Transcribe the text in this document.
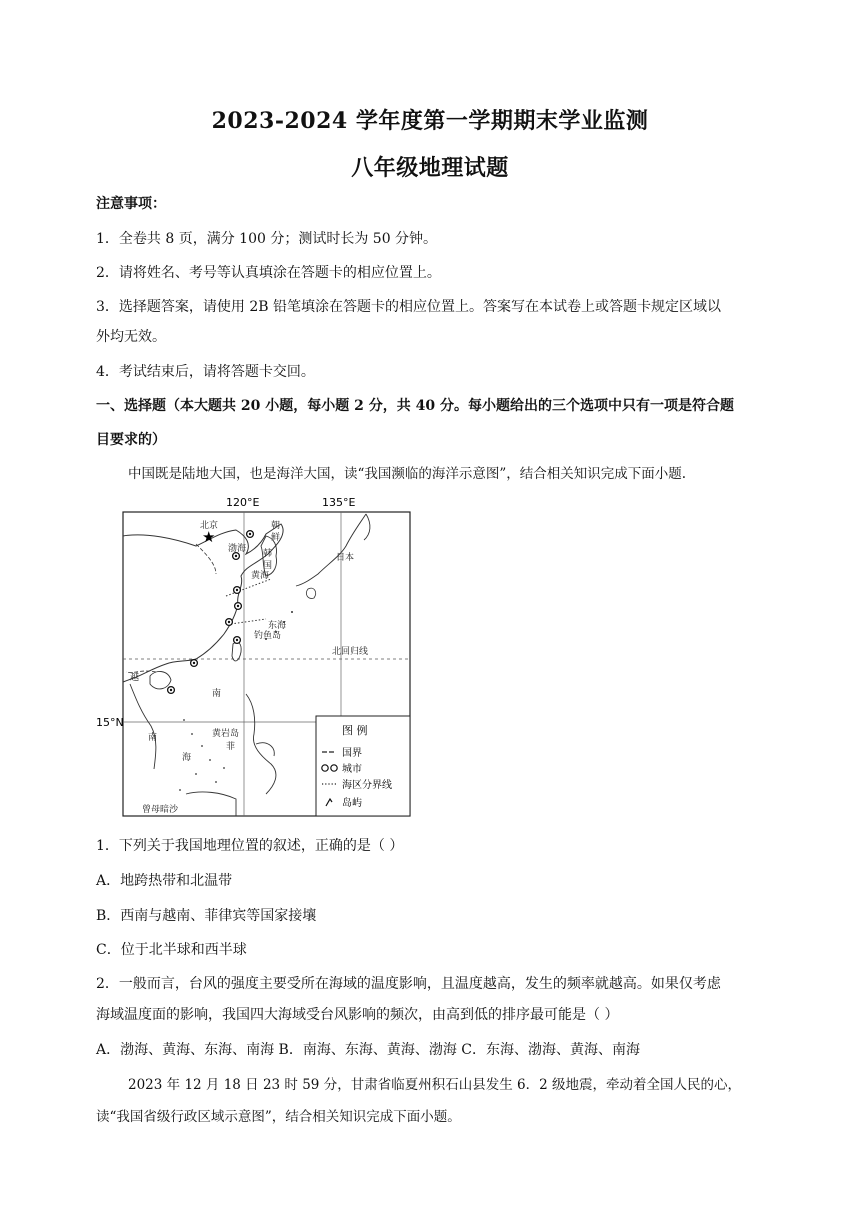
2023-2024 学年度第一学期期末学业监测
八年级地理试题
注意事项：
1．全卷共 8 页，满分 100 分；测试时长为 50 分钟。
2．请将姓名、考号等认真填涂在答题卡的相应位置上。
3．选择题答案，请使用 2B 铅笔填涂在答题卡的相应位置上。答案写在本试卷上或答题卡规定区域以
外均无效。
4．考试结束后，请将答题卡交回。
一、选择题（本大题共 20 小题，每小题 2 分，共 40 分。每小题给出的三个选项中只有一项是符合题
目要求的）
中国既是陆地大国，也是海洋大国，读“我国濒临的海洋示意图”，结合相关知识完成下面小题.
120°E	135°E
15°N
★
北京
渤海
朝
鲜
韩
国
日本
黄海
东海
钓鱼岛
北回归线
越
南
菲
黄岩岛
南
海
曾母暗沙
图 例
国界
城市
海区分界线
岛屿
1．下列关于我国地理位置的叙述，正确的是（ ）
A．地跨热带和北温带
B．西南与越南、菲律宾等国家接壤
C．位于北半球和西半球
2．一般而言，台风的强度主要受所在海域的温度影响，且温度越高，发生的频率就越高。如果仅考虑
海域温度面的影响，我国四大海域受台风影响的频次，由高到低的排序最可能是（ ）
A．渤海、黄海、东海、南海 B．南海、东海、黄海、渤海 C．东海、渤海、黄海、南海
2023 年 12 月 18 日 23 时 59 分，甘肃省临夏州积石山县发生 6．2 级地震，牵动着全国人民的心，
读“我国省级行政区域示意图”，结合相关知识完成下面小题。
